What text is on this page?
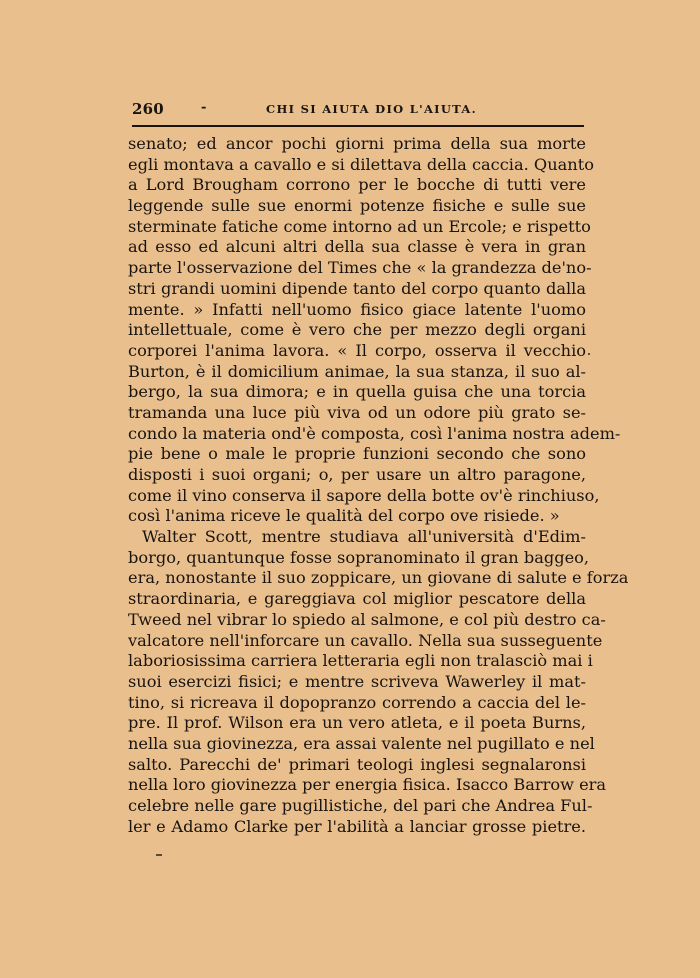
260	-	CHI SI AIUTA DIO L'AIUTA.
senato; ed ancor pochi giorni prima della sua morte
egli montava a cavallo e si dilettava della caccia. Quanto
a Lord Brougham corrono per le bocche di tutti vere
leggende sulle sue enormi potenze fisiche e sulle sue
sterminate fatiche come intorno ad un Ercole; e rispetto
ad esso ed alcuni altri della sua classe è vera in gran
parte l'osservazione del Times che « la grandezza de'no-
stri grandi uomini dipende tanto del corpo quanto dalla
mente. » Infatti nell'uomo fisico giace latente l'uomo
intellettuale, come è vero che per mezzo degli organi
corporei l'anima lavora. « Il corpo, osserva il vecchio
Burton, è il domicilium animae, la sua stanza, il suo al-
bergo, la sua dimora; e in quella guisa che una torcia
tramanda una luce più viva od un odore più grato se-
condo la materia ond'è composta, così l'anima nostra adem-
pie bene o male le proprie funzioni secondo che sono
disposti i suoi organi; o, per usare un altro paragone,
come il vino conserva il sapore della botte ov'è rinchiuso,
così l'anima riceve le qualità del corpo ove risiede. »
Walter Scott, mentre studiava all'università d'Edim-
borgo, quantunque fosse sopranominato il gran baggeo,
era, nonostante il suo zoppicare, un giovane di salute e forza
straordinaria, e gareggiava col miglior pescatore della
Tweed nel vibrar lo spiedo al salmone, e col più destro ca-
valcatore nell'inforcare un cavallo. Nella sua susseguente
laboriosissima carriera letteraria egli non tralasciò mai i
suoi esercizi fisici; e mentre scriveva Wawerley il mat-
tino, si ricreava il dopopranzo correndo a caccia del le-
pre. Il prof. Wilson era un vero atleta, e il poeta Burns,
nella sua giovinezza, era assai valente nel pugillato e nel
salto. Parecchi de' primari teologi inglesi segnalaronsi
nella loro giovinezza per energia fisica. Isacco Barrow era
celebre nelle gare pugillistiche, del pari che Andrea Ful-
ler e Adamo Clarke per l'abilità a lanciar grosse pietre.
